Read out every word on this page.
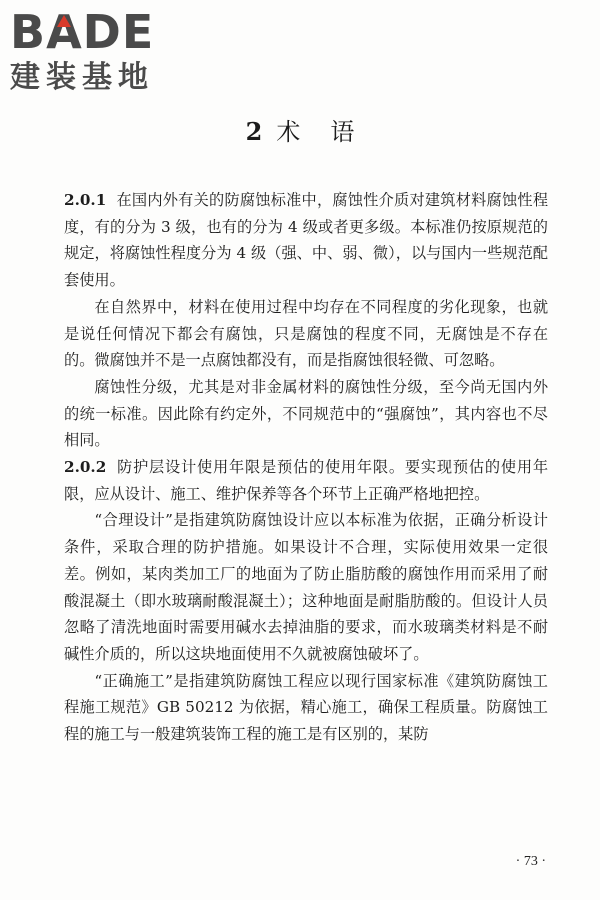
BADE
建装基地
2 术 语

2.0.1 在国内外有关的防腐蚀标准中，腐蚀性介质对建筑材料腐蚀性程度，有的分为 3 级，也有的分为 4 级或者更多级。本标准仍按原规范的规定，将腐蚀性程度分为 4 级（强、中、弱、微），以与国内一些规范配套使用。

在自然界中，材料在使用过程中均存在不同程度的劣化现象，也就是说任何情况下都会有腐蚀，只是腐蚀的程度不同，无腐蚀是不存在的。微腐蚀并不是一点腐蚀都没有，而是指腐蚀很轻微、可忽略。

腐蚀性分级，尤其是对非金属材料的腐蚀性分级，至今尚无国内外的统一标准。因此除有约定外，不同规范中的“强腐蚀”，其内容也不尽相同。

2.0.2 防护层设计使用年限是预估的使用年限。要实现预估的使用年限，应从设计、施工、维护保养等各个环节上正确严格地把控。

“合理设计”是指建筑防腐蚀设计应以本标准为依据，正确分析设计条件，采取合理的防护措施。如果设计不合理，实际使用效果一定很差。例如，某肉类加工厂的地面为了防止脂肪酸的腐蚀作用而采用了耐酸混凝土（即水玻璃耐酸混凝土）；这种地面是耐脂肪酸的。但设计人员忽略了清洗地面时需要用碱水去掉油脂的要求，而水玻璃类材料是不耐碱性介质的，所以这块地面使用不久就被腐蚀破坏了。

“正确施工”是指建筑防腐蚀工程应以现行国家标准《建筑防腐蚀工程施工规范》GB 50212 为依据，精心施工，确保工程质量。防腐蚀工程的施工与一般建筑装饰工程的施工是有区别的，某防

· 73 ·
